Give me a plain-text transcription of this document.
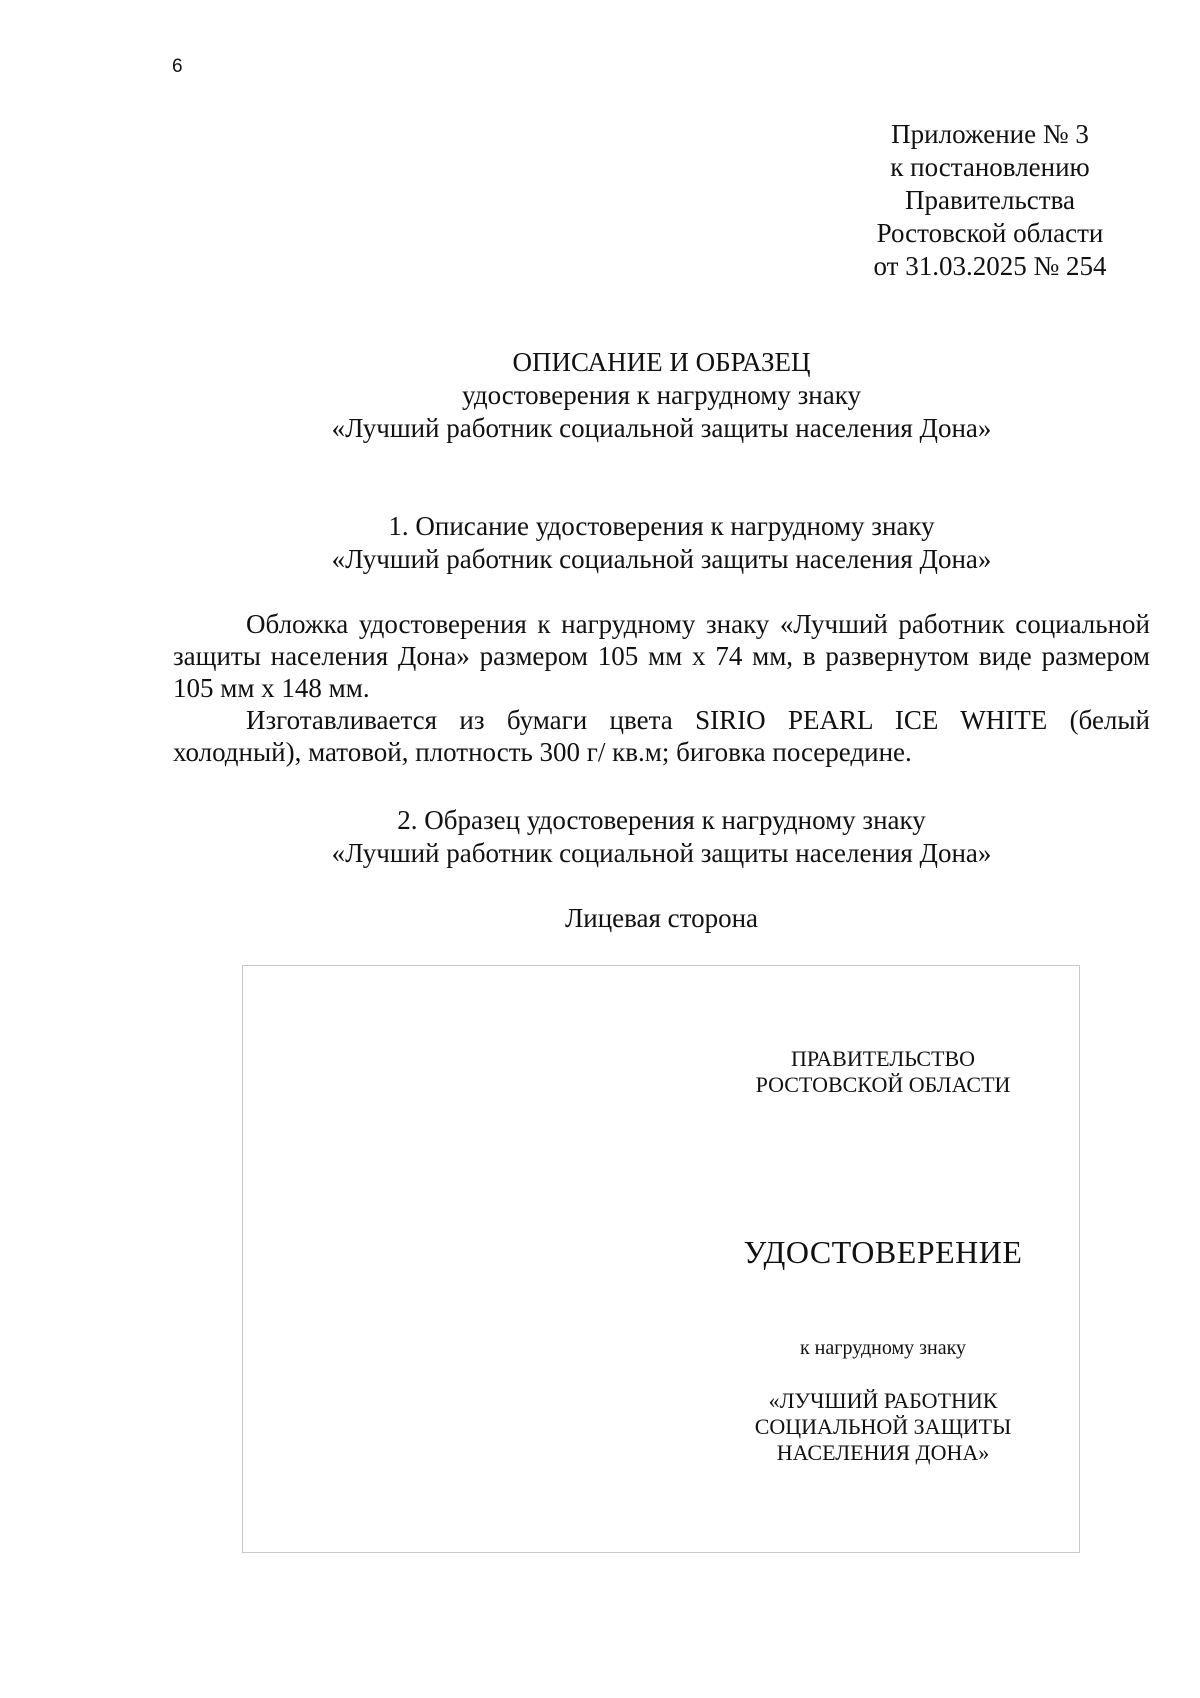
6
Приложение № 3
к постановлению
Правительства
Ростовской области
от 31.03.2025 № 254
ОПИСАНИЕ И ОБРАЗЕЦ
удостоверения к нагрудному знаку
«Лучший работник социальной защиты населения Дона»
1. Описание удостоверения к нагрудному знаку
«Лучший работник социальной защиты населения Дона»

Обложка удостоверения к нагрудному знаку «Лучший работник социальной защиты населения Дона» размером 105 мм х 74 мм, в развернутом виде размером 105 мм х 148 мм.

Изготавливается из бумаги цвета SIRIO PEARL ICE WHITE (белый холодный), матовой, плотность 300 г/ кв.м; биговка посередине.

2. Образец удостоверения к нагрудному знаку
«Лучший работник социальной защиты населения Дона»
Лицевая сторона
ПРАВИТЕЛЬСТВО
РОСТОВСКОЙ ОБЛАСТИ
УДОСТОВЕРЕНИЕ
к нагрудному знаку
«ЛУЧШИЙ РАБОТНИК
СОЦИАЛЬНОЙ ЗАЩИТЫ
НАСЕЛЕНИЯ ДОНА»
